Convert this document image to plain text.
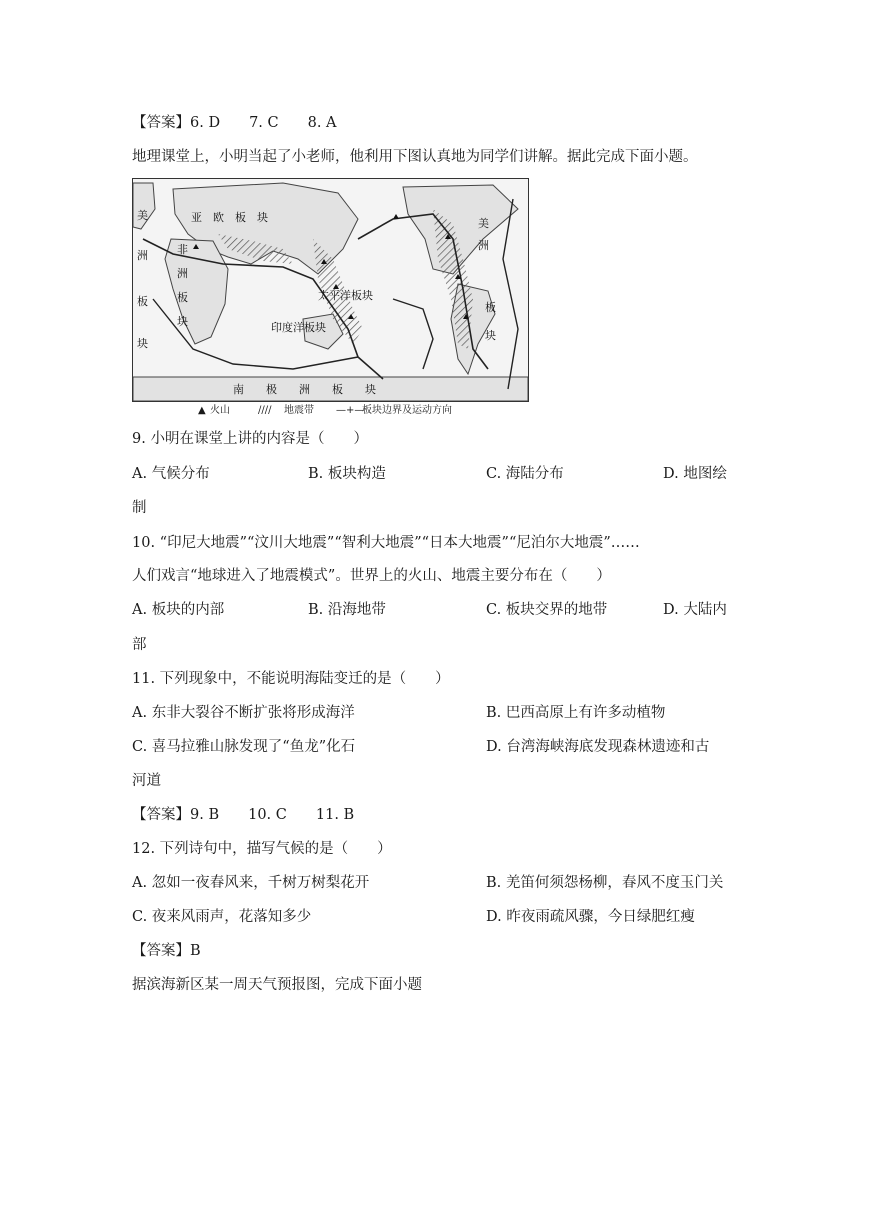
【答案】6. D　　7. C　　8. A
地理课堂上，小明当起了小老师，他利用下图认真地为同学们讲解。据此完成下面小题。
亚　欧　板　块
太平洋板块
印度洋板块
南　　极　　洲　　板　　块
非
洲
板
块
美
洲
板
块
美
洲
板
块
▲ 火山	//// 地震带 —+—
板块边界及运动方向
9. 小明在课堂上讲的内容是（　　）
A. 气候分布	B. 板块构造	C. 海陆分布	D. 地图绘
制
10. “印尼大地震”“汶川大地震”“智利大地震”“日本大地震”“尼泊尔大地震”……
人们戏言“地球进入了地震模式”。世界上的火山、地震主要分布在（　　）
A. 板块的内部	B. 沿海地带	C. 板块交界的地带	D. 大陆内
部
11. 下列现象中，不能说明海陆变迁的是（　　）
A. 东非大裂谷不断扩张将形成海洋	B. 巴西高原上有许多动植物
C. 喜马拉雅山脉发现了“鱼龙”化石	D. 台湾海峡海底发现森林遗迹和古
河道
【答案】9. B　　10. C　　11. B
12. 下列诗句中，描写气候的是（　　）
A. 忽如一夜春风来，千树万树梨花开	B. 羌笛何须怨杨柳，春风不度玉门关
C. 夜来风雨声，花落知多少	D. 昨夜雨疏风骤，今日绿肥红瘦
【答案】B
据滨海新区某一周天气预报图，完成下面小题
